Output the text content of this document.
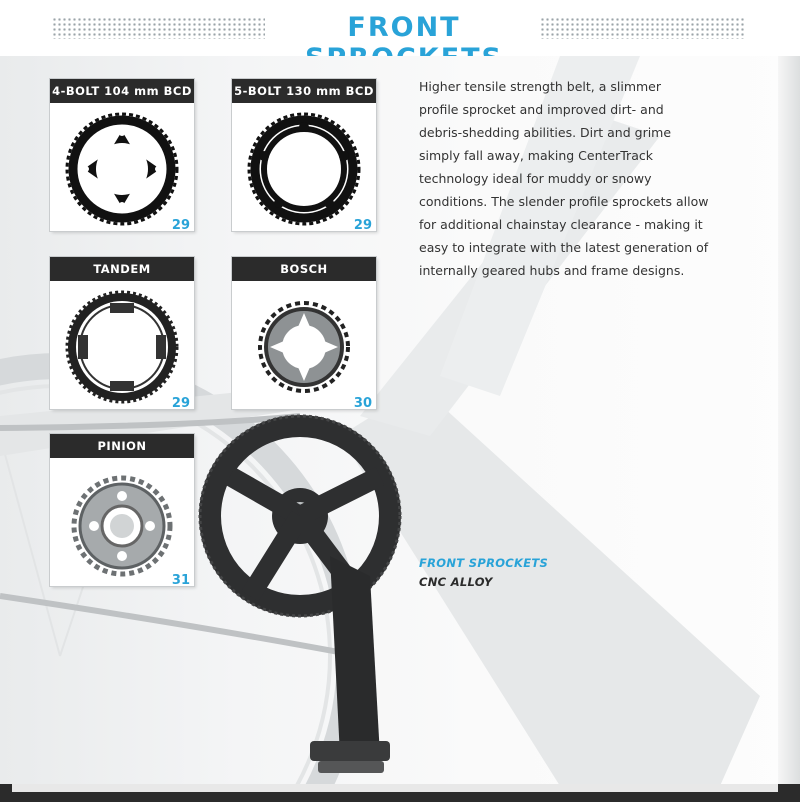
FRONT
4-BOLT 104 mm BCD
29
5-BOLT 130 mm BCD
29
TANDEM
29
BOSCH
30
PINION
31
Higher tensile strength belt, a slimmer
profile sprocket and improved dirt- and
debris-shedding abilities. Dirt and grime
simply fall away, making CenterTrack
technology ideal for muddy or snowy
conditions. The slender profile sprockets allow
for additional chainstay clearance - making it
easy to integrate with the latest generation of
internally geared hubs and frame designs.
FRONT SPROCKETS
CNC ALLOY
